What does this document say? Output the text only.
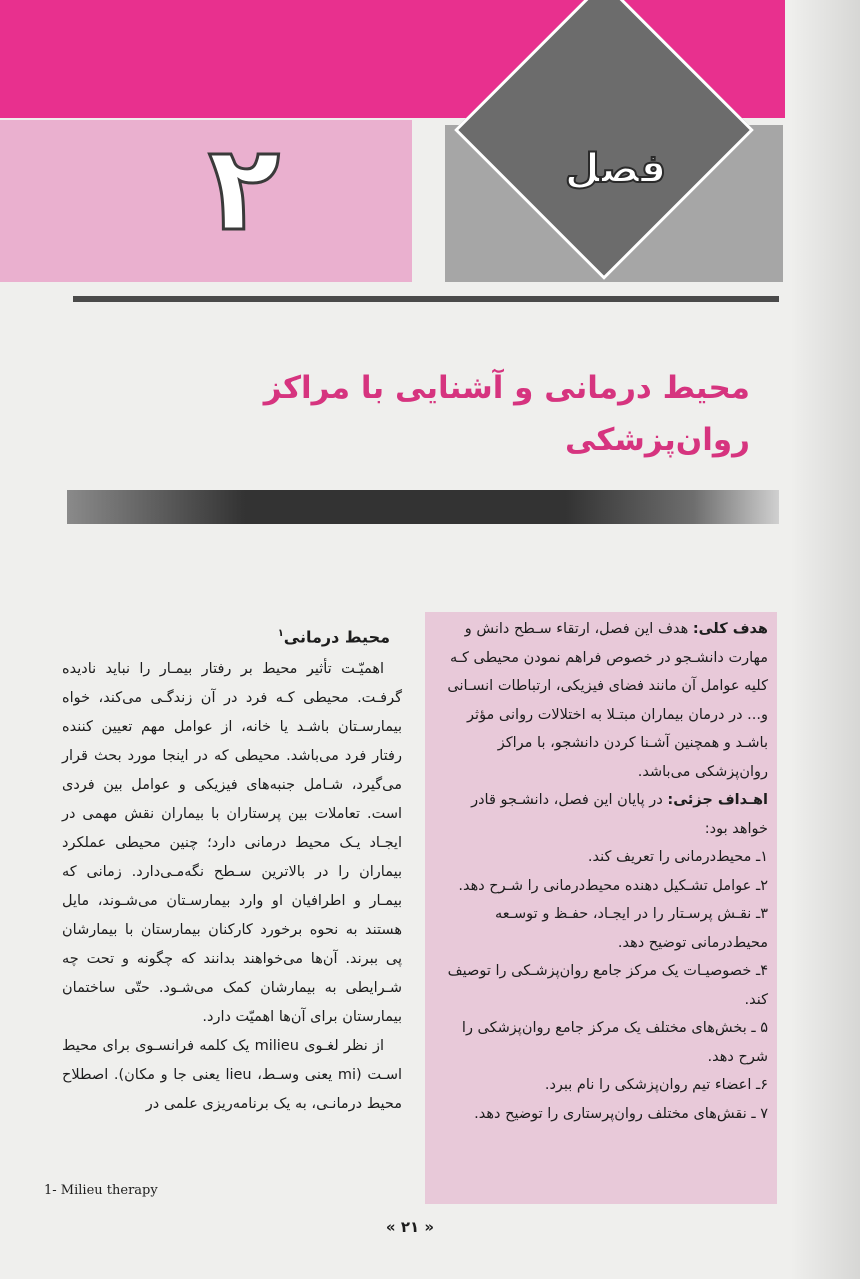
۲	فصل
محیط درمانی و آشنایی با مراکز روان‌پزشکی

هدف کلی: هدف این فصل، ارتقاء سـطح دانش و مهارت دانشـجو در خصوص فراهم نمودن محیطی کـه کلیه عوامل آن مانند فضای فیزیکی، ارتباطات انسـانی و... در درمان بیماران مبتـلا به اختلالات روانی مؤثر باشـد و همچنین آشـنا کردن دانشجو، با مراکز روان‌پزشکی می‌باشد.

اهـداف جزئی: در پایان این فصل، دانشـجو قادر خواهد بود:

۱ـ محیط‌درمانی را تعریف کند.

۲ـ عوامل تشـکیل دهنده محیط‌درمانی را شـرح دهد.

۳ـ نقـش پرسـتار را در ایجـاد، حفـظ و توسـعه محیط‌درمانی توضیح دهد.

۴ـ خصوصیـات یک مرکز جامع روان‌پزشـکی را توصیف کند.

۵ ـ بخش‌های مختلف یک مرکز جامع روان‌پزشکی را شرح دهد.

۶ـ اعضاء تیم روان‌پزشکی را نام ببرد.

۷ ـ نقش‌های مختلف روان‌پرستاری را توضیح دهد.

محیط درمانی$^۱$

اهمیّـت تأثیر محیط بر رفتار بیمـار را نباید نادیده گرفـت. محیطی کـه فرد در آن زندگـی می‌کند، خواه بیمارسـتان باشـد یا خانه، از عوامل مهم تعیین کننده رفتار فرد می‌باشد. محیطی که در اینجا مورد بحث قرار می‌گیرد، شـامل جنبه‌های فیزیکی و عوامل بین فردی است. تعاملات بین پرستاران با بیماران نقش مهمی در ایجـاد یـک محیط درمانی دارد؛ چنین محیطی عملکرد بیماران را در بالاترین سـطح نگه‌مـی‌دارد. زمانی که بیمـار و اطرافیان او وارد بیمارسـتان می‌شـوند، مایل هستند به نحوه برخورد کارکنان بیمارستان با بیمارشان پی ببرند. آن‌ها می‌خواهند بدانند که چگونه و تحت چه شـرایطی به بیمارشان کمک می‌شـود. حتّی ساختمان بیمارستان برای آن‌ها اهمیّت دارد.

از نظر لغـوی milieu یک کلمه فرانسـوی برای محیط اسـت (mi یعنی وسـط، lieu یعنی جا و مکان). اصطلاح محیط درمانـی، به یک برنامه‌ریزی علمی در

1- Milieu therapy
« ۲۱ »
